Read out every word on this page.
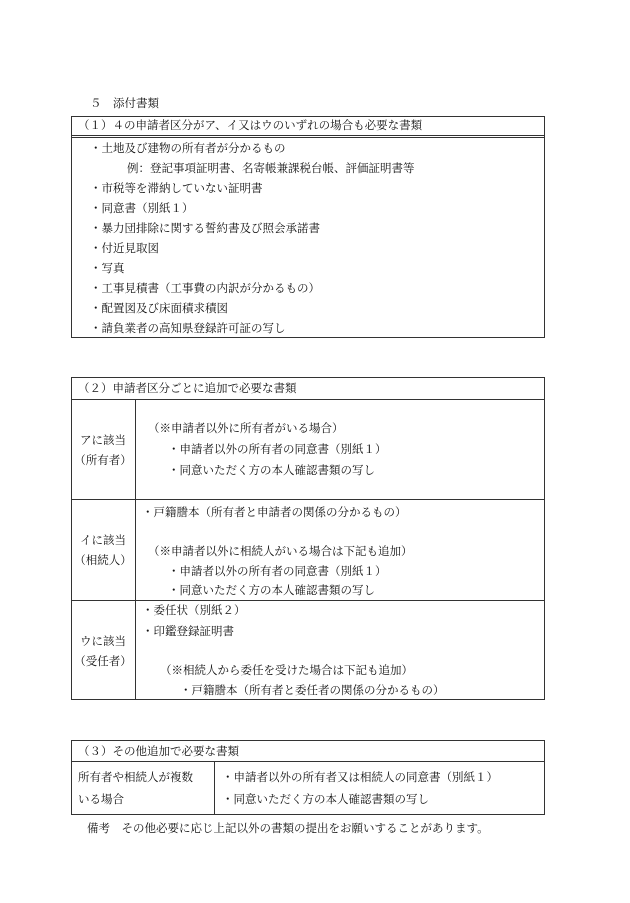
５　添付書類
（１）４の申請者区分がア、イ又はウのいずれの場合も必要な書類
・土地及び建物の所有者が分かるもの
例：登記事項証明書、名寄帳兼課税台帳、評価証明書等
・市税等を滞納していない証明書
・同意書（別紙１）
・暴力団排除に関する誓約書及び照会承諾書
・付近見取図
・写真
・工事見積書（工事費の内訳が分かるもの）
・配置図及び床面積求積図
・請負業者の高知県登録許可証の写し
（２）申請者区分ごとに追加で必要な書類
アに該当
（所有者）
（※申請者以外に所有者がいる場合）
・申請者以外の所有者の同意書（別紙１）
・同意いただく方の本人確認書類の写し
イに該当
（相続人）
・戸籍謄本（所有者と申請者の関係の分かるもの）
（※申請者以外に相続人がいる場合は下記も追加）
・申請者以外の所有者の同意書（別紙１）
・同意いただく方の本人確認書類の写し
ウに該当
（受任者）
・委任状（別紙２）
・印鑑登録証明書
（※相続人から委任を受けた場合は下記も追加）
・戸籍謄本（所有者と委任者の関係の分かるもの）
（３）その他追加で必要な書類
所有者や相続人が複数
いる場合
・申請者以外の所有者又は相続人の同意書（別紙１）
・同意いただく方の本人確認書類の写し
備考　その他必要に応じ上記以外の書類の提出をお願いすることがあります。
